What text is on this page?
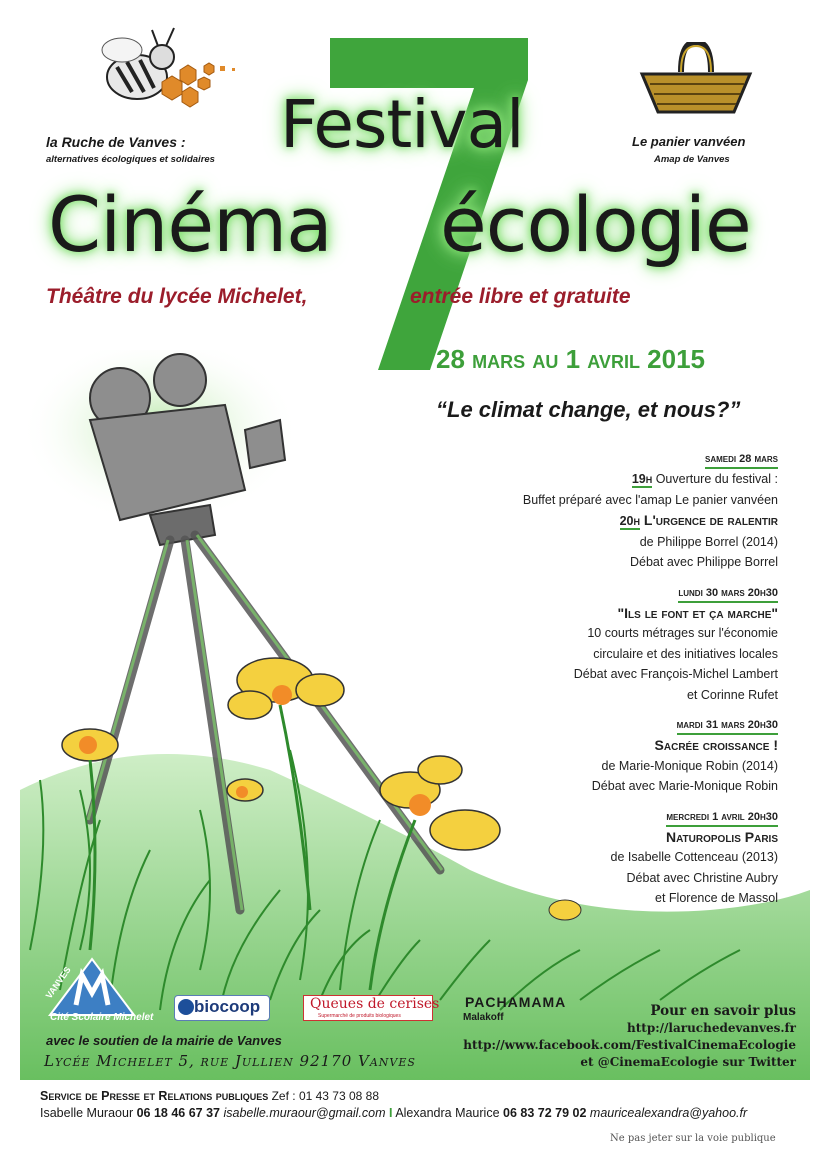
la Ruche de Vanves :
alternatives écologiques et solidaires
Le panier vanvéen
Amap de Vanves
Festival
Cinéma écologie
Théâtre du lycée Michelet,	entrée libre et gratuite
28 mars au 1 avril 2015
“Le climat change, et nous?”
samedi 28 mars
19h Ouverture du festival :
Buffet préparé avec l'amap Le panier vanvéen
20h L'urgence de ralentir
de Philippe Borrel (2014)
Débat avec Philippe Borrel
lundi 30 mars 20h30
"Ils le font et ça marche"
10 courts métrages sur l'économie
circulaire et des initiatives locales
Débat avec François-Michel Lambert
et Corinne Rufet
mardi 31 mars 20h30
Sacrée croissance !
de Marie-Monique Robin (2014)
Débat avec Marie-Monique Robin
mercredi 1 avril 20h30
Naturopolis Paris
de Isabelle Cottenceau (2013)
Débat avec Christine Aubry
et Florence de Massol
VANVES
Cité Scolaire Michelet
biocoop	Queues de cerises
Supermarché de produits biologiques
PACHAMAMA
Malakoff
avec le soutien de la mairie de Vanves
Lycée Michelet 5, rue Jullien 92170 Vanves
Pour en savoir plus
http://laruchedevanves.fr
http://www.facebook.com/FestivalCinemaEcologie
et @CinemaEcologie sur Twitter
Service de Presse et Relations publiques Zef : 01 43 73 08 88
Isabelle Muraour 06 18 46 67 37 isabelle.muraour@gmail.com I Alexandra Maurice 06 83 72 79 02 mauricealexandra@yahoo.fr
Ne pas jeter sur la voie publique
